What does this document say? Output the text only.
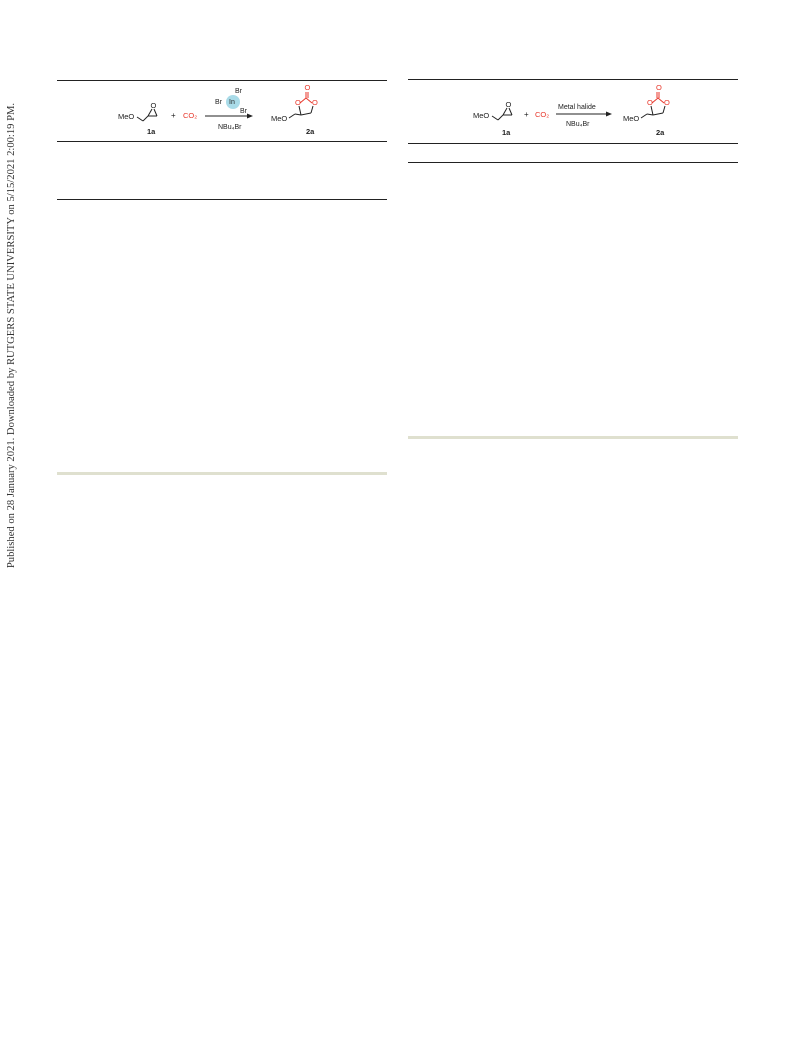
Published on 28 January 2021. Downloaded by RUTGERS STATE UNIVERSITY on 5/15/2021 2:00:19 PM.	MeO
O
1a
+ CO₂
Br
Br In
Br
NBu₄Br
MeO
O
O O
2a
MeO
O
1a
+ CO₂
Metal halide
NBu₄Br
MeO
O
O O
2a
